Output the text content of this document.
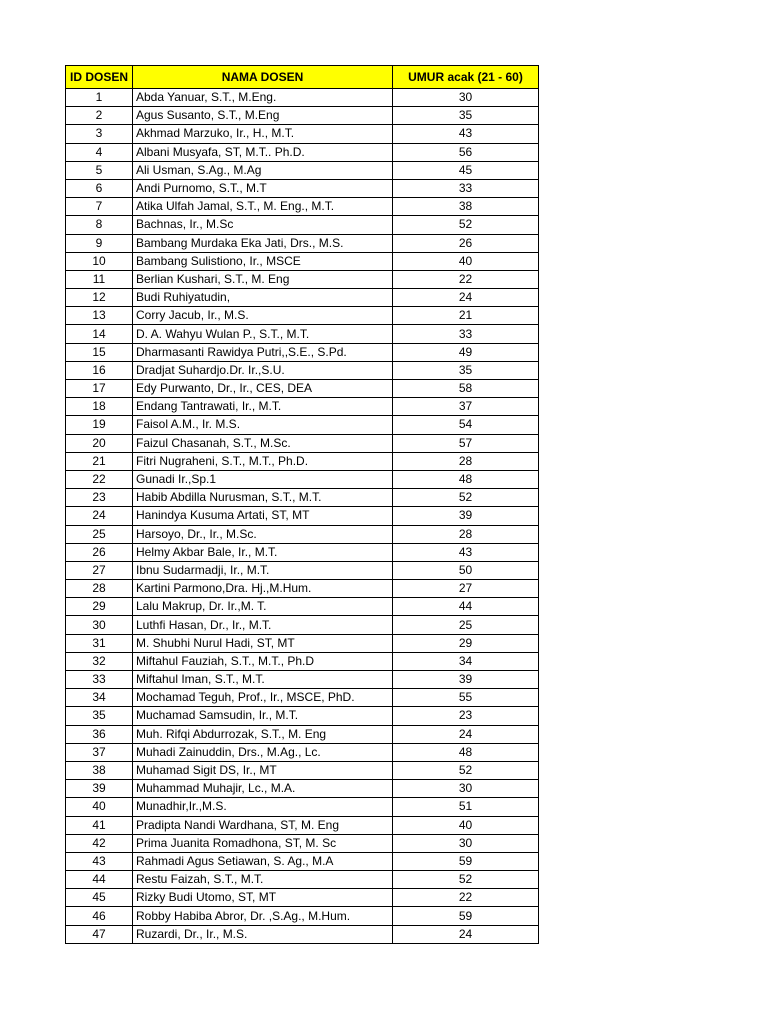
ID DOSEN	NAMA DOSEN	UMUR acak (21 - 60)
1	Abda Yanuar, S.T., M.Eng.	30
2	Agus Susanto, S.T., M.Eng	35
3	Akhmad Marzuko, Ir., H., M.T.	43
4	Albani Musyafa, ST, M.T.. Ph.D.	56
5	Ali Usman, S.Ag., M.Ag	45
6	Andi Purnomo, S.T., M.T	33
7	Atika Ulfah Jamal, S.T., M. Eng., M.T.	38
8	Bachnas, Ir., M.Sc	52
9	Bambang Murdaka Eka Jati, Drs., M.S.	26
10	Bambang Sulistiono, Ir., MSCE	40
11	Berlian Kushari, S.T., M. Eng	22
12	Budi Ruhiyatudin,	24
13	Corry Jacub, Ir., M.S.	21
14	D. A. Wahyu Wulan P., S.T., M.T.	33
15	Dharmasanti Rawidya Putri,,S.E., S.Pd.	49
16	Dradjat Suhardjo.Dr. Ir.,S.U.	35
17	Edy Purwanto, Dr., Ir., CES, DEA	58
18	Endang Tantrawati, Ir., M.T.	37
19	Faisol A.M., Ir. M.S.	54
20	Faizul Chasanah, S.T., M.Sc.	57
21	Fitri Nugraheni, S.T., M.T., Ph.D.	28
22	Gunadi Ir.,Sp.1	48
23	Habib Abdilla Nurusman, S.T., M.T.	52
24	Hanindya Kusuma Artati, ST, MT	39
25	Harsoyo, Dr., Ir., M.Sc.	28
26	Helmy Akbar Bale, Ir., M.T.	43
27	Ibnu Sudarmadji, Ir., M.T.	50
28	Kartini Parmono,Dra. Hj.,M.Hum.	27
29	Lalu Makrup, Dr. Ir.,M. T.	44
30	Luthfi Hasan, Dr., Ir., M.T.	25
31	M. Shubhi Nurul Hadi, ST, MT	29
32	Miftahul Fauziah, S.T., M.T., Ph.D	34
33	Miftahul Iman, S.T., M.T.	39
34	Mochamad Teguh, Prof., Ir., MSCE, PhD.	55
35	Muchamad Samsudin, Ir., M.T.	23
36	Muh. Rifqi Abdurrozak, S.T., M. Eng	24
37	Muhadi Zainuddin, Drs., M.Ag., Lc.	48
38	Muhamad Sigit DS, Ir., MT	52
39	Muhammad Muhajir, Lc., M.A.	30
40	Munadhir,Ir.,M.S.	51
41	Pradipta Nandi Wardhana, ST, M. Eng	40
42	Prima Juanita Romadhona, ST, M. Sc	30
43	Rahmadi Agus Setiawan, S. Ag., M.A	59
44	Restu Faizah, S.T., M.T.	52
45	Rizky Budi Utomo, ST, MT	22
46	Robby Habiba Abror, Dr. ,S.Ag., M.Hum.	59
47	Ruzardi, Dr., Ir., M.S.	24
